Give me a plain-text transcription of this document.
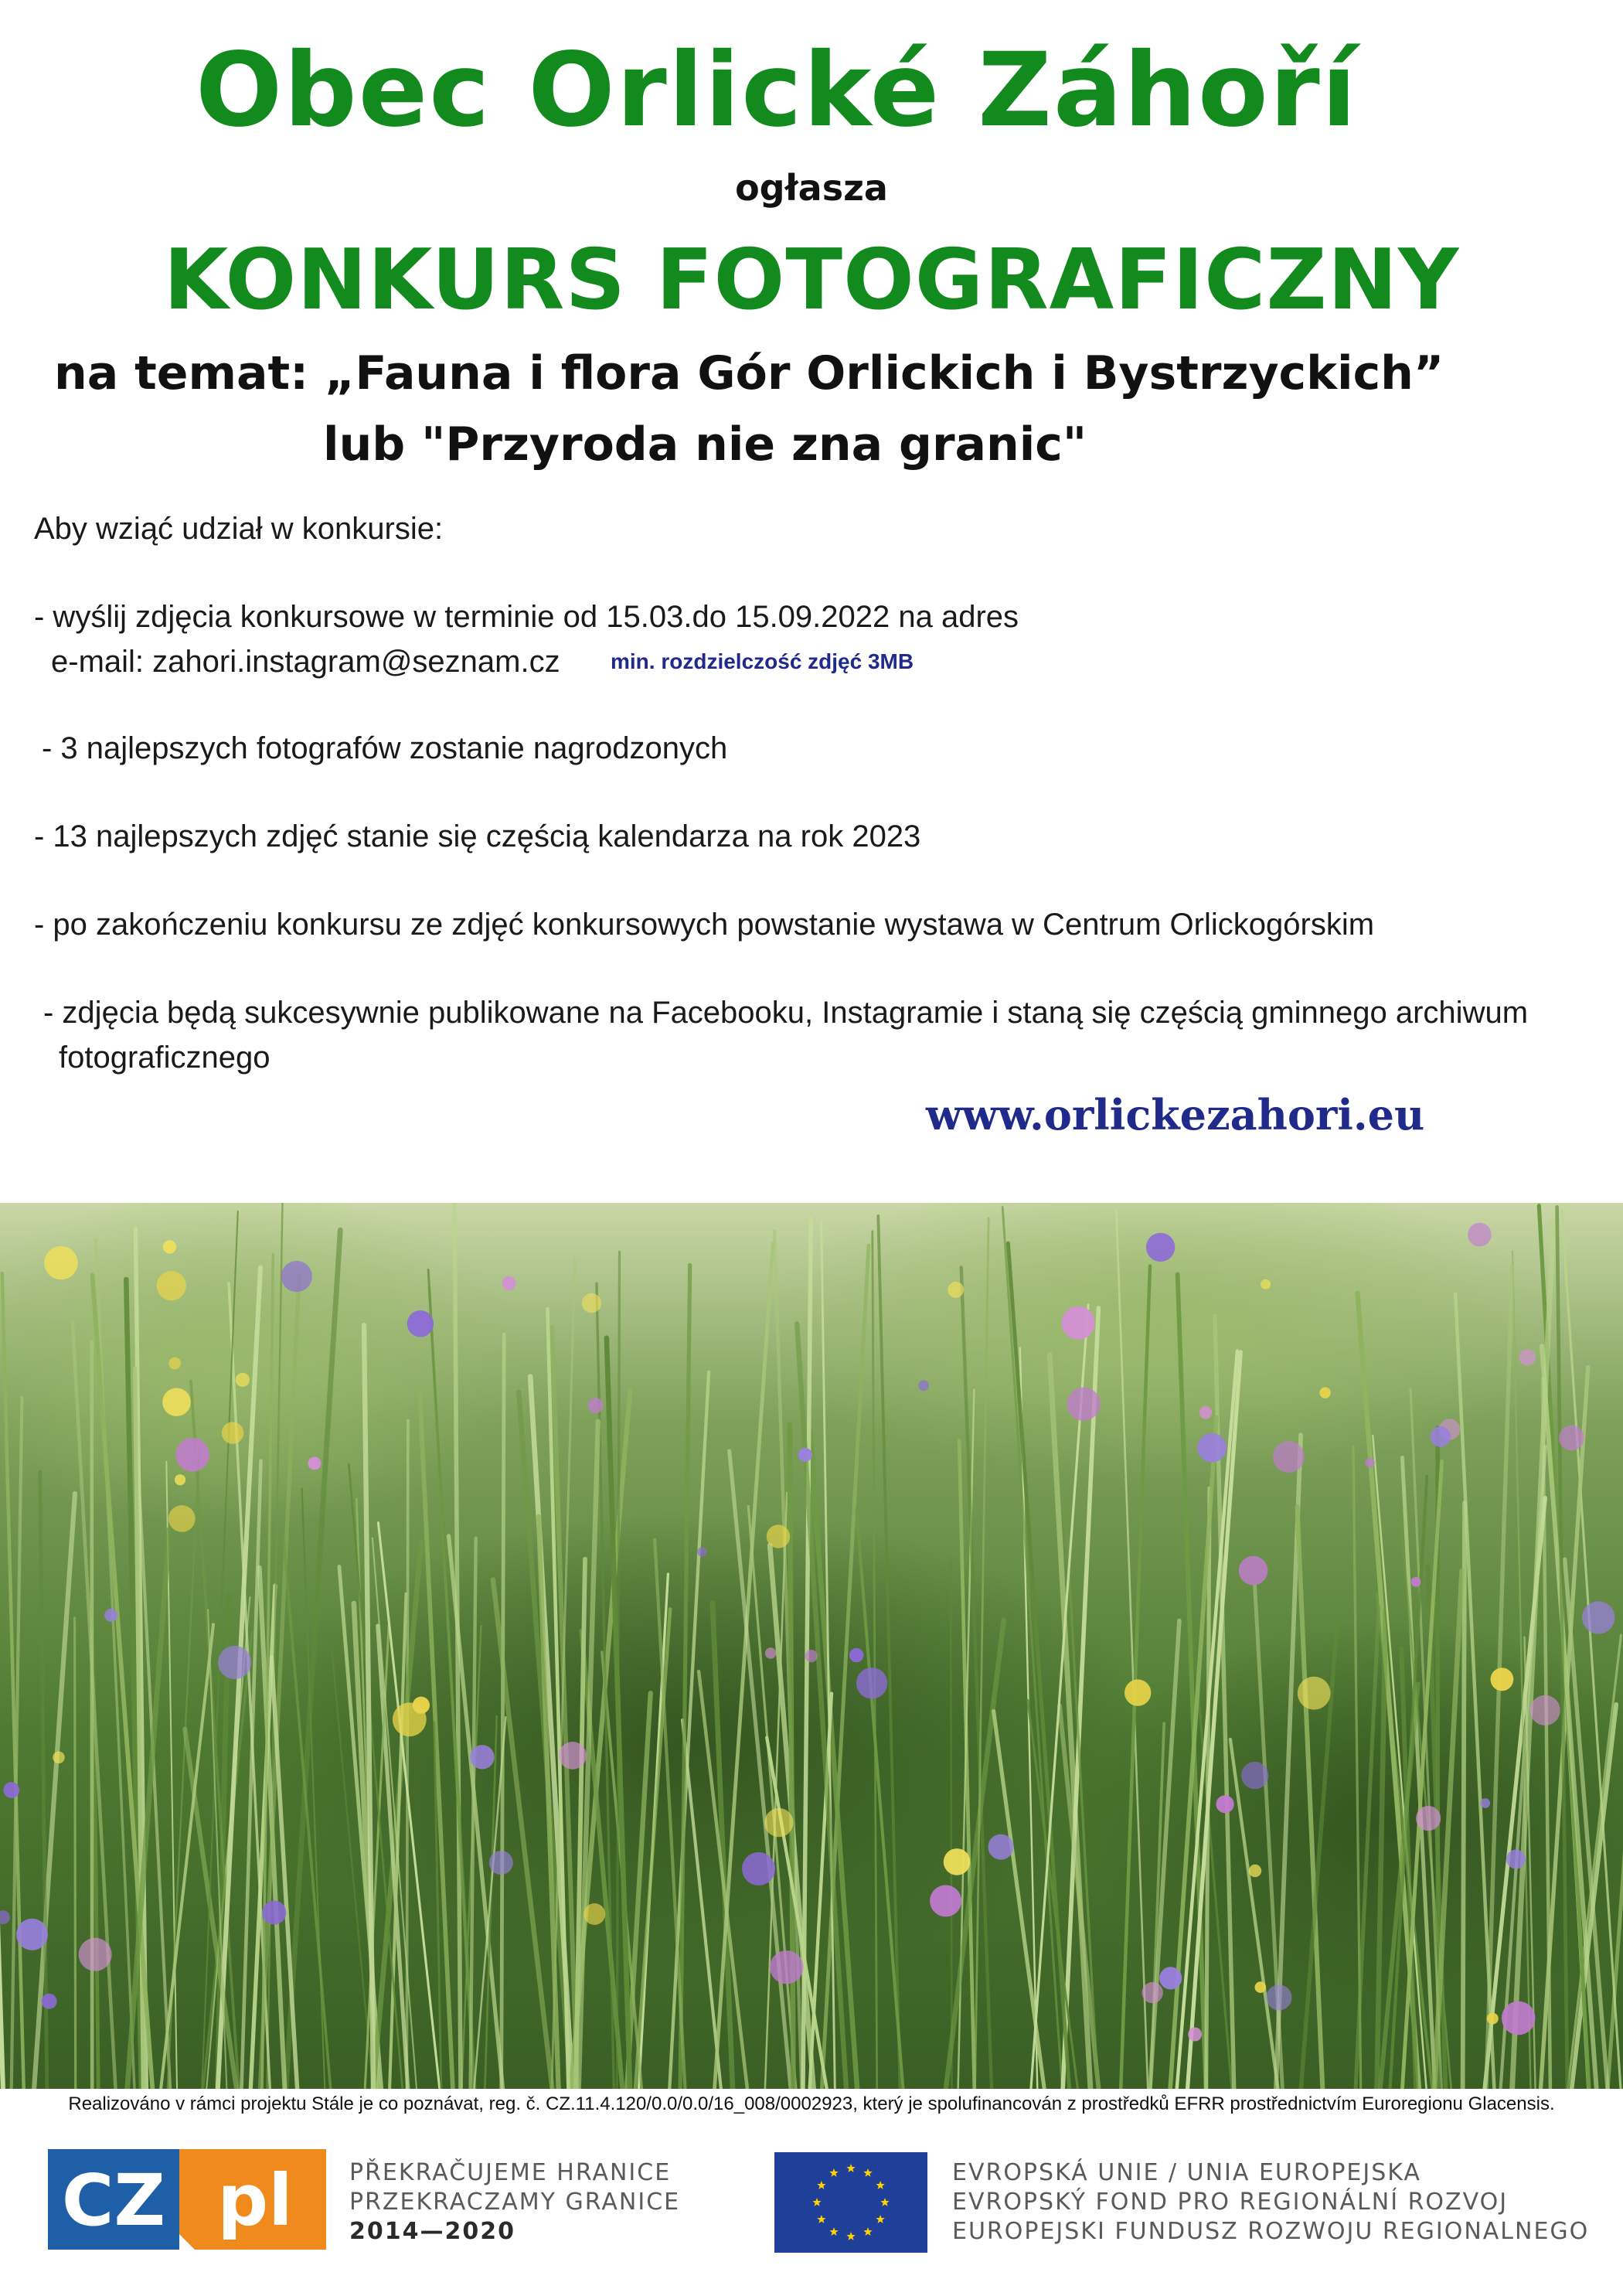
Obec Orlické Záhoří
ogłasza
KONKURS FOTOGRAFICZNY
na temat: „Fauna i flora Gór Orlickich i Bystrzyckich”
lub "Przyroda nie zna granic"
Aby wziąć udział w konkursie:
- wyślij zdjęcia konkursowe w terminie od 15.03.do 15.09.2022 na adres
e-mail: zahori.instagram@seznam.cz min. rozdzielczość zdjęć 3MB
- 3 najlepszych fotografów zostanie nagrodzonych
- 13 najlepszych zdjęć stanie się częścią kalendarza na rok 2023
- po zakończeniu konkursu ze zdjęć konkursowych powstanie wystawa w Centrum Orlickogórskim
- zdjęcia będą sukcesywnie publikowane na Facebooku, Instagramie i staną się częścią gminnego archiwum
fotograficznego
www.orlickezahori.eu
Realizováno v rámci projektu Stále je co poznávat, reg. č. CZ.11.4.120/0.0/0.0/16_008/0002923, který je spolufinancován z prostředků EFRR prostřednictvím Euroregionu Glacensis.
CZ pl PŘEKRAČUJEME HRANICE
PRZEKRACZAMY GRANICE
2014—2020
EVROPSKÁ UNIE / UNIA EUROPEJSKA
EVROPSKÝ FOND PRO REGIONÁLNÍ ROZVOJ
EUROPEJSKI FUNDUSZ ROZWOJU REGIONALNEGO
